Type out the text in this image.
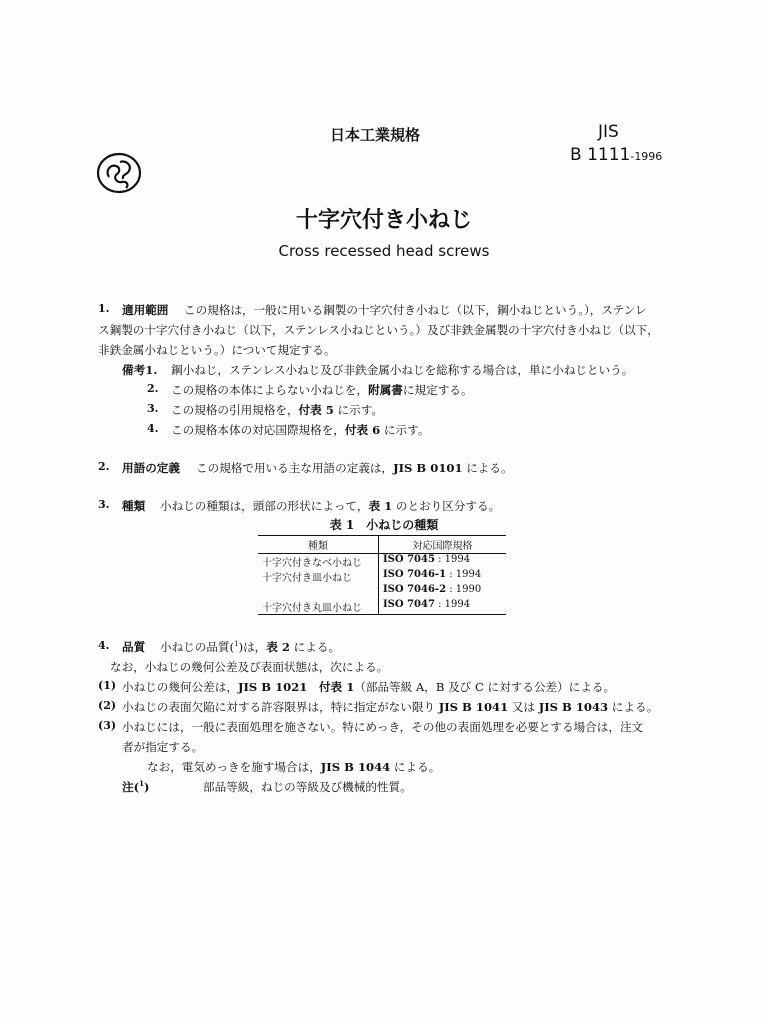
日本工業規格	JIS
B 1111-1996
十字穴付き小ねじ
Cross recessed head screws
1. 適用範囲 この規格は，一般に用いる鋼製の十字穴付き小ねじ（以下，鋼小ねじという。），ステンレ
ス鋼製の十字穴付き小ねじ（以下，ステンレス小ねじという。）及び非鉄金属製の十字穴付き小ねじ（以下，
非鉄金属小ねじという。）について規定する。
備考1. 鋼小ねじ，ステンレス小ねじ及び非鉄金属小ねじを総称する場合は，単に小ねじという。
2. この規格の本体によらない小ねじを，附属書に規定する。
3. この規格の引用規格を，付表 5 に示す。
4. この規格本体の対応国際規格を，付表 6 に示す。
2. 用語の定義 この規格で用いる主な用語の定義は，JIS B 0101 による。
3. 種類 小ねじの種類は，頭部の形状によって，表 1 のとおり区分する。
表 1　小ねじの種類
種類	対応国際規格
十字穴付きなべ小ねじ	ISO 7045 : 1994
十字穴付き皿小ねじ	ISO 7046-1 : 1994
	ISO 7046-2 : 1990
十字穴付き丸皿小ねじ	ISO 7047 : 1994
4. 品質 小ねじの品質($^1$)は，表 2 による。
なお，小ねじの幾何公差及び表面状態は，次による。
(1) 小ねじの幾何公差は，JIS B 1021　付表 1（部品等級 A，B 及び C に対する公差）による。
(2) 小ねじの表面欠陥に対する許容限界は，特に指定がない限り JIS B 1041 又は JIS B 1043 による。
(3) 小ねじには，一般に表面処理を施さない。特にめっき，その他の表面処理を必要とする場合は，注文
者が指定する。
なお，電気めっきを施す場合は，JIS B 1044 による。
注($^1$)	部品等級，ねじの等級及び機械的性質。
